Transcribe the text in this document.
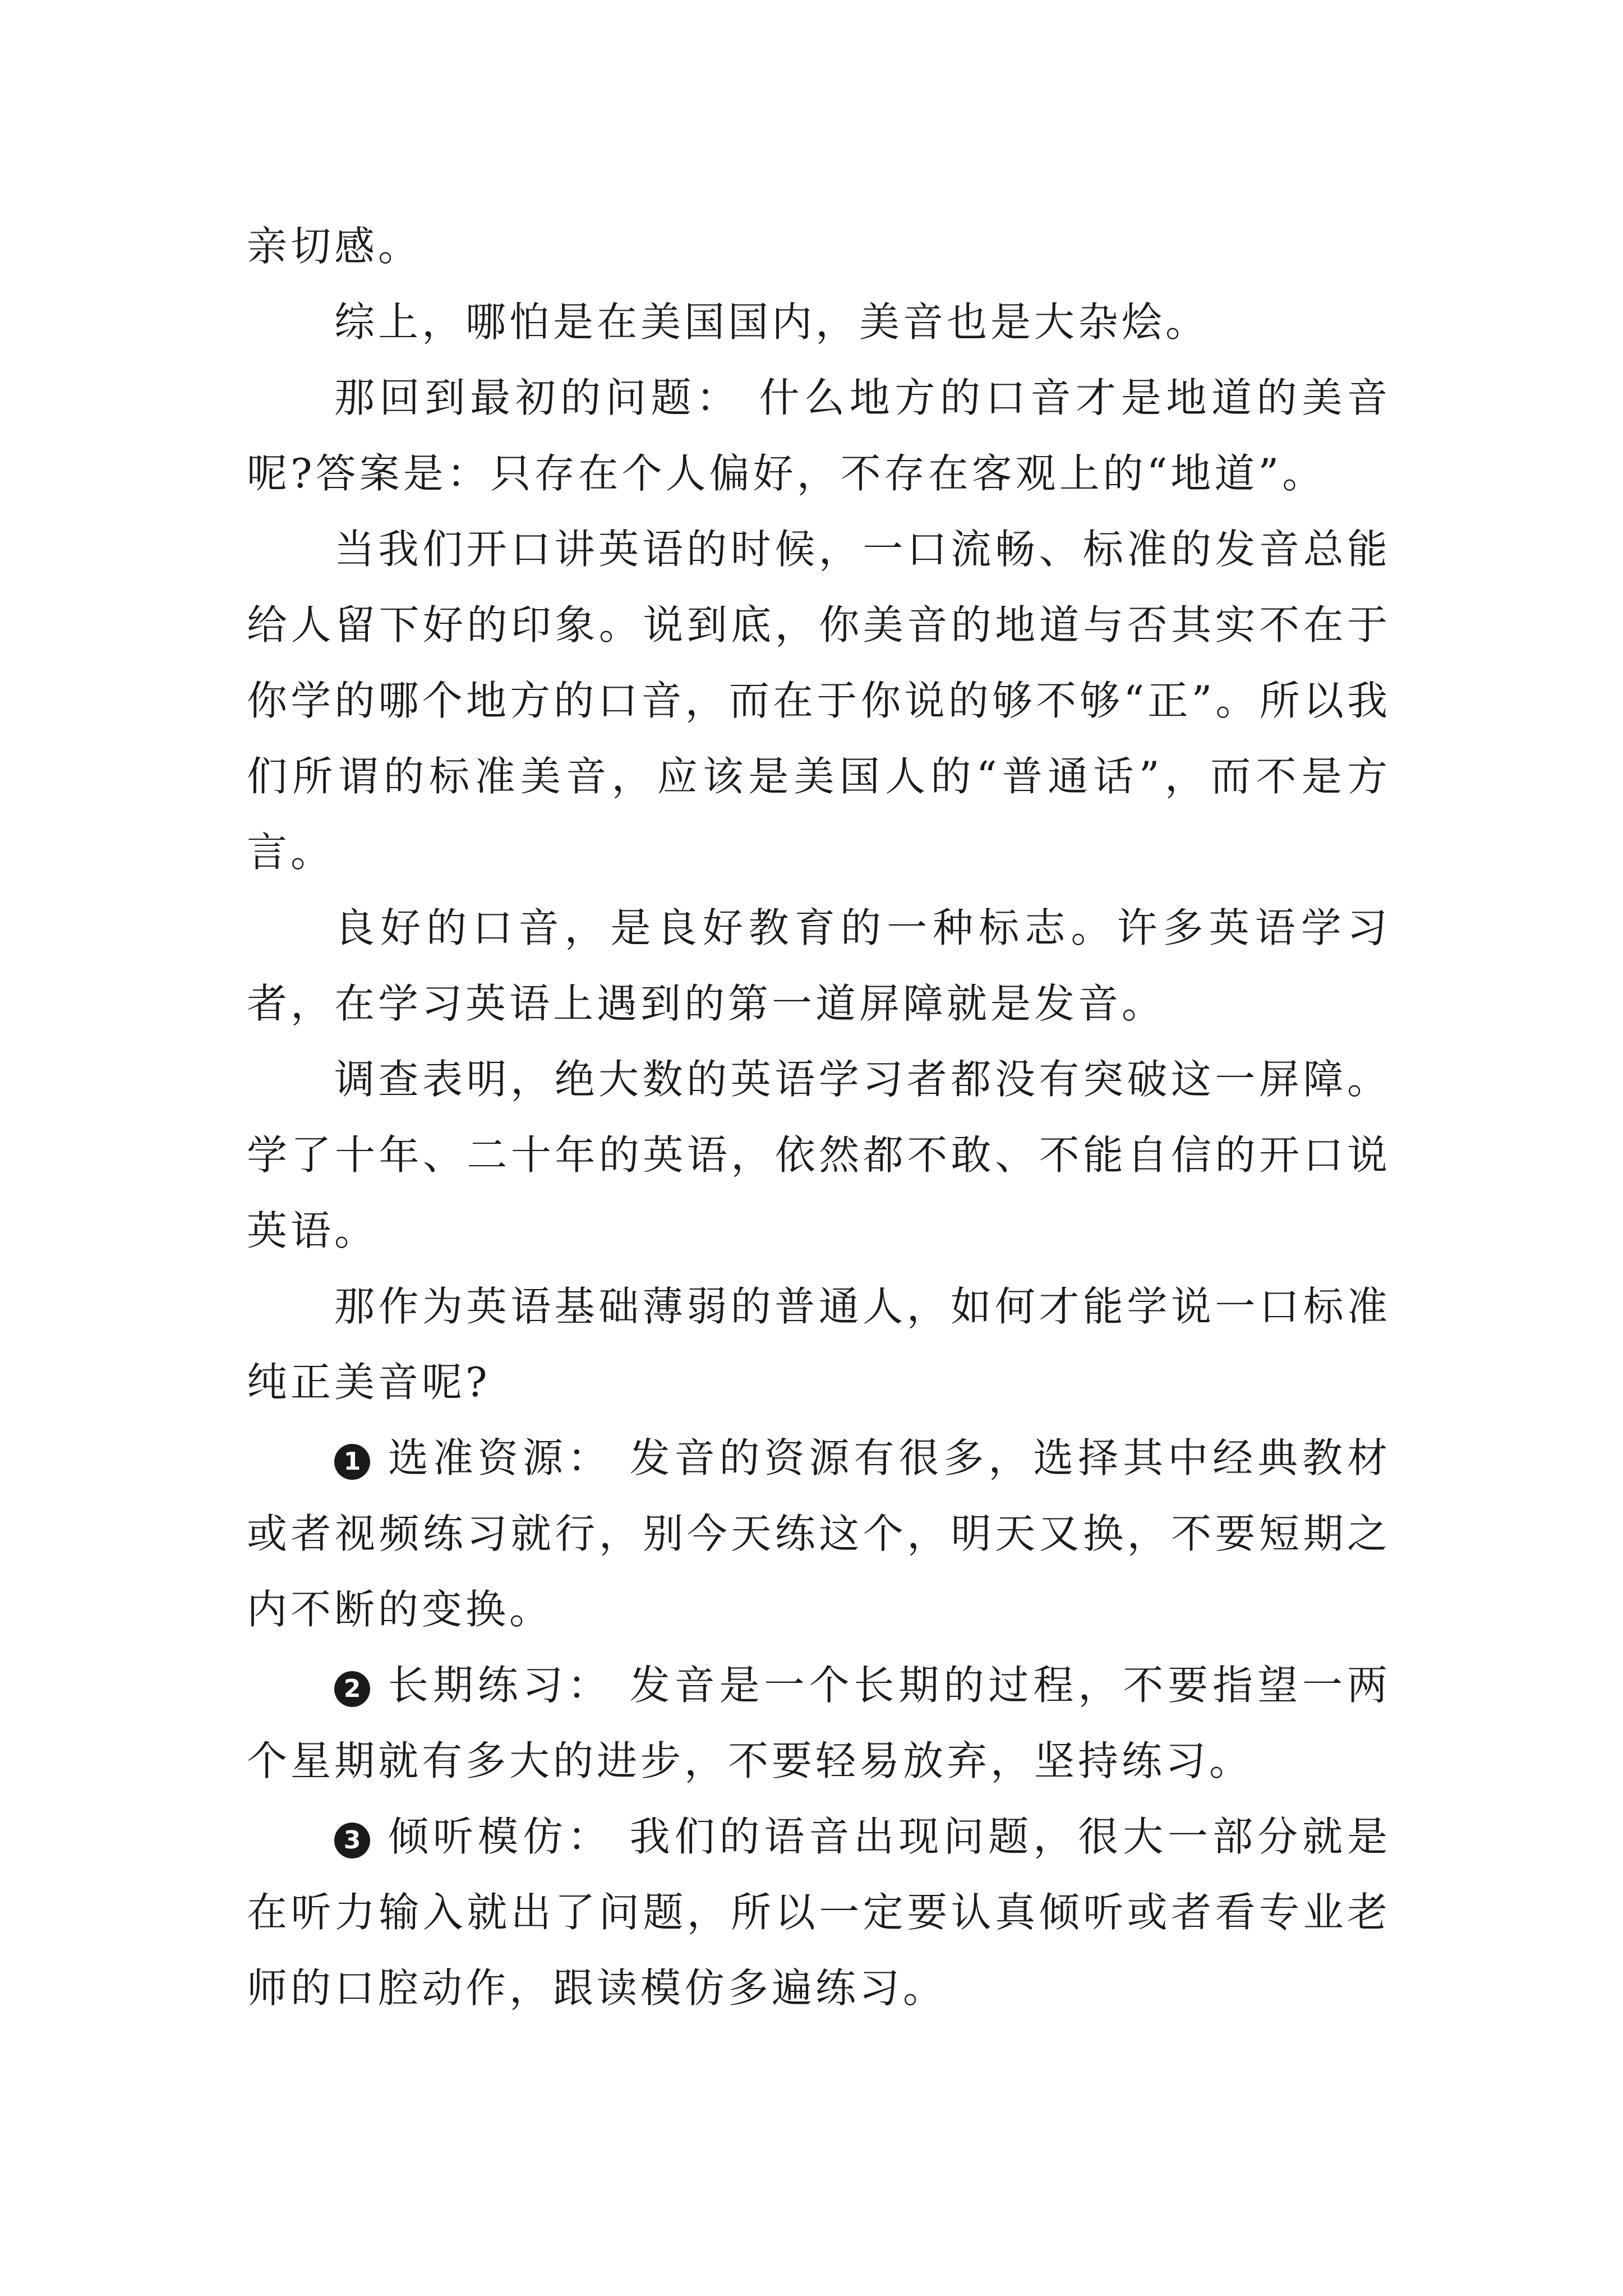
亲切感。

综上，哪怕是在美国国内，美音也是大杂烩。

那回到最初的问题： 什么地方的口音才是地道的美音呢?答案是：只存在个人偏好，不存在客观上的“地道”。

当我们开口讲英语的时候，一口流畅、标准的发音总能给人留下好的印象。说到底，你美音的地道与否其实不在于你学的哪个地方的口音，而在于你说的够不够“正”。所以我们所谓的标准美音，应该是美国人的“普通话”，而不是方言。

良好的口音，是良好教育的一种标志。许多英语学习者，在学习英语上遇到的第一道屏障就是发音。

调查表明，绝大数的英语学习者都没有突破这一屏障。学了十年、二十年的英语，依然都不敢、不能自信的开口说英语。

那作为英语基础薄弱的普通人，如何才能学说一口标准纯正美音呢?

1 选准资源： 发音的资源有很多，选择其中经典教材或者视频练习就行，别今天练这个，明天又换，不要短期之内不断的变换。

2 长期练习： 发音是一个长期的过程，不要指望一两个星期就有多大的进步，不要轻易放弃，坚持练习。

3 倾听模仿： 我们的语音出现问题，很大一部分就是在听力输入就出了问题，所以一定要认真倾听或者看专业老师的口腔动作，跟读模仿多遍练习。
